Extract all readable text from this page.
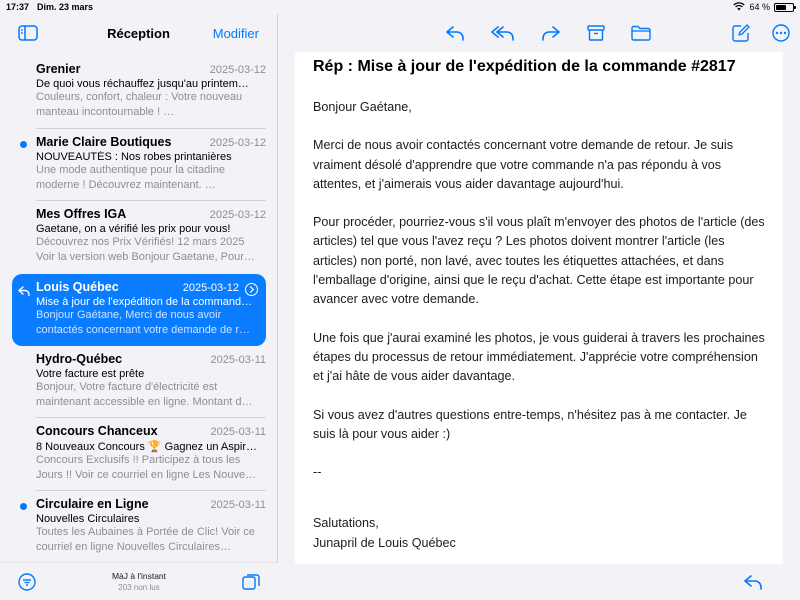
17:37 Dim. 23 mars	64 %
Réception	Modifier
Grenier	2025-03-12
De quoi vous réchauffez jusqu'au printem…
Couleurs, confort, chaleur : Votre nouveau manteau incontournable ! …
Marie Claire Boutiques	2025-03-12
NOUVEAUTÉS : Nos robes printanières
Une mode authentique pour la citadine moderne ! Découvrez maintenant. …
Mes Offres IGA	2025-03-12
Gaetane, on a vérifié les prix pour vous!
Découvrez nos Prix Vérifiés! 12 mars 2025 Voir la version web Bonjour Gaetane, Pour…
Louis Québec	2025-03-12
Mise à jour de l'expédition de la command…
Bonjour Gaétane, Merci de nous avoir contactés concernant votre demande de r…
Hydro-Québec	2025-03-11
Votre facture est prête
Bonjour, Votre facture d'électricité est maintenant accessible en ligne. Montant d…
Concours Chanceux	2025-03-11
8 Nouveaux Concours 🏆 Gagnez un Aspir…
Concours Exclusifs !! Participez à tous les Jours !! Voir ce courriel en ligne Les Nouve…
Circulaire en Ligne	2025-03-11
Nouvelles Circulaires
Toutes les Aubaines à Portée de Clic! Voir ce courriel en ligne Nouvelles Circulaires…
MàJ à l'instant
203 non lus
Rép : Mise à jour de l'expédition de la commande #2817

Bonjour Gaétane,

Merci de nous avoir contactés concernant votre demande de retour. Je suis vraiment désolé d'apprendre que votre commande n'a pas répondu à vos attentes, et j'aimerais vous aider davantage aujourd'hui.

Pour procéder, pourriez-vous s'il vous plaît m'envoyer des photos de l'article (des articles) tel que vous l'avez reçu ? Les photos doivent montrer l'article (les articles) non porté, non lavé, avec toutes les étiquettes attachées, et dans l'emballage d'origine, ainsi que le reçu d'achat. Cette étape est importante pour avancer avec votre demande.

Une fois que j'aurai examiné les photos, je vous guiderai à travers les prochaines étapes du processus de retour immédiatement. J'apprécie votre compréhension et j'ai hâte de vous aider davantage.

Si vous avez d'autres questions entre-temps, n'hésitez pas à me contacter. Je suis là pour vous aider :)

--

Salutations,

Junapril de Louis Québec
